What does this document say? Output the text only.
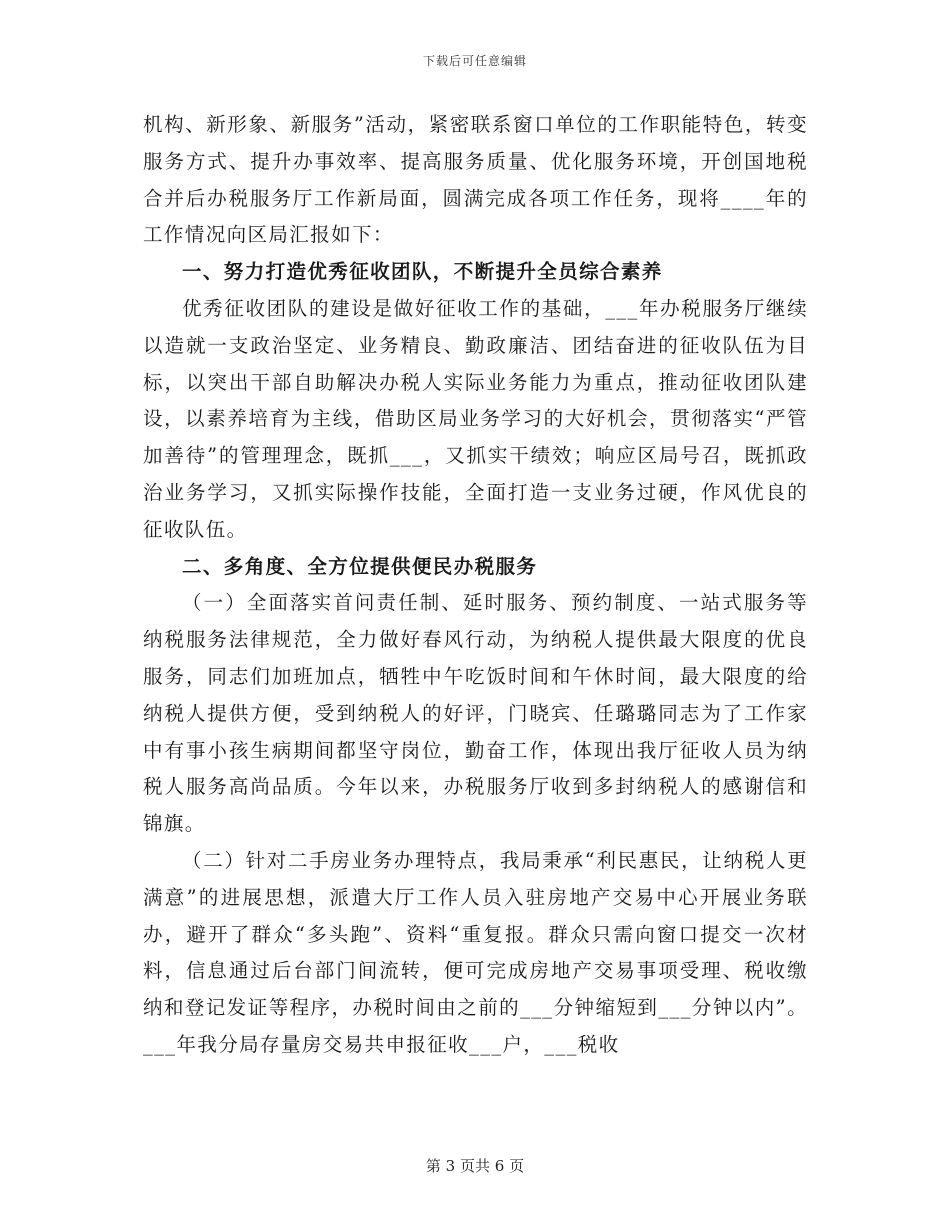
下载后可任意编辑

机构、新形象、新服务”活动，紧密联系窗口单位的工作职能特色，转变服务方式、提升办事效率、提高服务质量、优化服务环境，开创国地税合并后办税服务厅工作新局面，圆满完成各项工作任务，现将____年的工作情况向区局汇报如下：

一、努力打造优秀征收团队，不断提升全员综合素养

优秀征收团队的建设是做好征收工作的基础，___年办税服务厅继续以造就一支政治坚定、业务精良、勤政廉洁、团结奋进的征收队伍为目标，以突出干部自助解决办税人实际业务能力为重点，推动征收团队建设，以素养培育为主线，借助区局业务学习的大好机会，贯彻落实“严管加善待”的管理理念，既抓___，又抓实干绩效；响应区局号召，既抓政治业务学习，又抓实际操作技能，全面打造一支业务过硬，作风优良的征收队伍。

二、多角度、全方位提供便民办税服务

（一）全面落实首问责任制、延时服务、预约制度、一站式服务等纳税服务法律规范，全力做好春风行动，为纳税人提供最大限度的优良服务，同志们加班加点，牺牲中午吃饭时间和午休时间，最大限度的给纳税人提供方便，受到纳税人的好评，门晓宾、任璐璐同志为了工作家中有事小孩生病期间都坚守岗位，勤奋工作，体现出我厅征收人员为纳税人服务高尚品质。今年以来，办税服务厅收到多封纳税人的感谢信和锦旗。

（二）针对二手房业务办理特点，我局秉承“利民惠民，让纳税人更满意”的进展思想，派遣大厅工作人员入驻房地产交易中心开展业务联办，避开了群众“多头跑”、资料“重复报。群众只需向窗口提交一次材料，信息通过后台部门间流转，便可完成房地产交易事项受理、税收缴纳和登记发证等程序，办税时间由之前的___分钟缩短到___分钟以内”。___年我分局存量房交易共申报征收___户，___税收

第 3 页共 6 页
